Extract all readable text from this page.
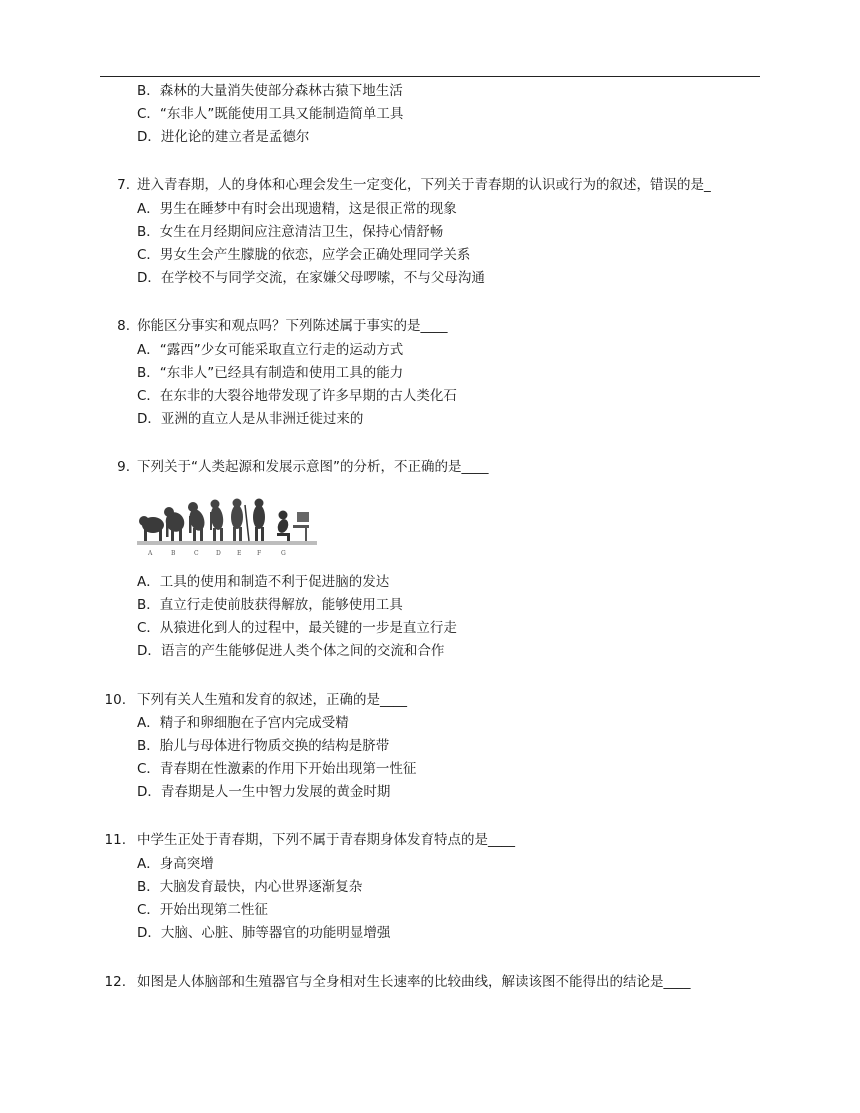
B．森林的大量消失使部分森林古猿下地生活
C．“东非人”既能使用工具又能制造简单工具
D．进化论的建立者是孟德尔
7. 进入青春期，人的身体和心理会发生一定变化，下列关于青春期的认识或行为的叙述，错误的是_
A．男生在睡梦中有时会出现遗精，这是很正常的现象
B．女生在月经期间应注意清洁卫生，保持心情舒畅
C．男女生会产生朦胧的依恋，应学会正确处理同学关系
D．在学校不与同学交流，在家嫌父母啰嗦，不与父母沟通
8. 你能区分事实和观点吗？下列陈述属于事实的是____
A．“露西”少女可能采取直立行走的运动方式
B．“东非人”已经具有制造和使用工具的能力
C．在东非的大裂谷地带发现了许多早期的古人类化石
D．亚洲的直立人是从非洲迁徙过来的
9. 下列关于“人类起源和发展示意图”的分析，不正确的是____
A	B	C	D	E	F	G
A．工具的使用和制造不利于促进脑的发达
B．直立行走使前肢获得解放，能够使用工具
C．从猿进化到人的过程中，最关键的一步是直立行走
D．语言的产生能够促进人类个体之间的交流和合作
10. 下列有关人生殖和发育的叙述，正确的是____
A．精子和卵细胞在子宫内完成受精
B．胎儿与母体进行物质交换的结构是脐带
C．青春期在性激素的作用下开始出现第一性征
D．青春期是人一生中智力发展的黄金时期
11. 中学生正处于青春期，下列不属于青春期身体发育特点的是____
A．身高突增
B．大脑发育最快，内心世界逐渐复杂
C．开始出现第二性征
D．大脑、心脏、肺等器官的功能明显增强
12. 如图是人体脑部和生殖器官与全身相对生长速率的比较曲线，解读该图不能得出的结论是____
